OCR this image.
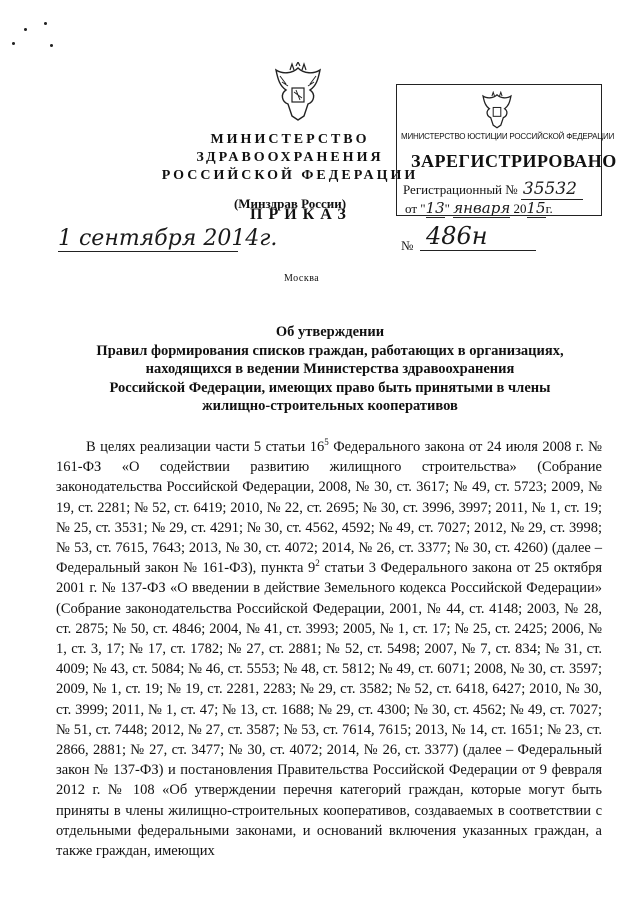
МИНИСТЕРСТВО ЗДРАВООХРАНЕНИЯ
РОССИЙСКОЙ ФЕДЕРАЦИИ
(Минздрав России)
МИНИСТЕРСТВО ЮСТИЦИИ РОССИЙСКОЙ ФЕДЕРАЦИИ
ЗАРЕГИСТРИРОВАНО
Регистрационный № 35532
от "13" января 2015г.
ПРИКАЗ
1 сентября 2014г.	№ 486н
Москва
Об утверждении
Правил формирования списков граждан, работающих в организациях,
находящихся в ведении Министерства здравоохранения
Российской Федерации, имеющих право быть принятыми в члены
жилищно-строительных кооперативов

В целях реализации части 5 статьи $16^5$ Федерального закона от 24 июля 2008 г. № 161-ФЗ «О содействии развитию жилищного строительства» (Собрание законодательства Российской Федерации, 2008, № 30, ст. 3617; № 49, ст. 5723; 2009, № 19, ст. 2281; № 52, ст. 6419; 2010, № 22, ст. 2695; № 30, ст. 3996, 3997; 2011, № 1, ст. 19; № 25, ст. 3531; № 29, ст. 4291; № 30, ст. 4562, 4592; № 49, ст. 7027; 2012, № 29, ст. 3998; № 53, ст. 7615, 7643; 2013, № 30, ст. 4072; 2014, № 26, ст. 3377; № 30, ст. 4260) (далее – Федеральный закон № 161-ФЗ), пункта $9^2$ статьи 3 Федерального закона от 25 октября 2001 г. № 137-ФЗ «О введении в действие Земельного кодекса Российской Федерации» (Собрание законодательства Российской Федерации, 2001, № 44, ст. 4148; 2003, № 28, ст. 2875; № 50, ст. 4846; 2004, № 41, ст. 3993; 2005, № 1, ст. 17; № 25, ст. 2425; 2006, № 1, ст. 3, 17; № 17, ст. 1782; № 27, ст. 2881; № 52, ст. 5498; 2007, № 7, ст. 834; № 31, ст. 4009; № 43, ст. 5084; № 46, ст. 5553; № 48, ст. 5812; № 49, ст. 6071; 2008, № 30, ст. 3597; 2009, № 1, ст. 19; № 19, ст. 2281, 2283; № 29, ст. 3582; № 52, ст. 6418, 6427; 2010, № 30, ст. 3999; 2011, № 1, ст. 47; № 13, ст. 1688; № 29, ст. 4300; № 30, ст. 4562; № 49, ст. 7027; № 51, ст. 7448; 2012, № 27, ст. 3587; № 53, ст. 7614, 7615; 2013, № 14, ст. 1651; № 23, ст. 2866, 2881; № 27, ст. 3477; № 30, ст. 4072; 2014, № 26, ст. 3377) (далее – Федеральный закон № 137-ФЗ) и постановления Правительства Российской Федерации от 9 февраля 2012 г. № 108 «Об утверждении перечня категорий граждан, которые могут быть приняты в члены жилищно-строительных кооперативов, создаваемых в соответствии с отдельными федеральными законами, и оснований включения указанных граждан, а также граждан, имеющих
